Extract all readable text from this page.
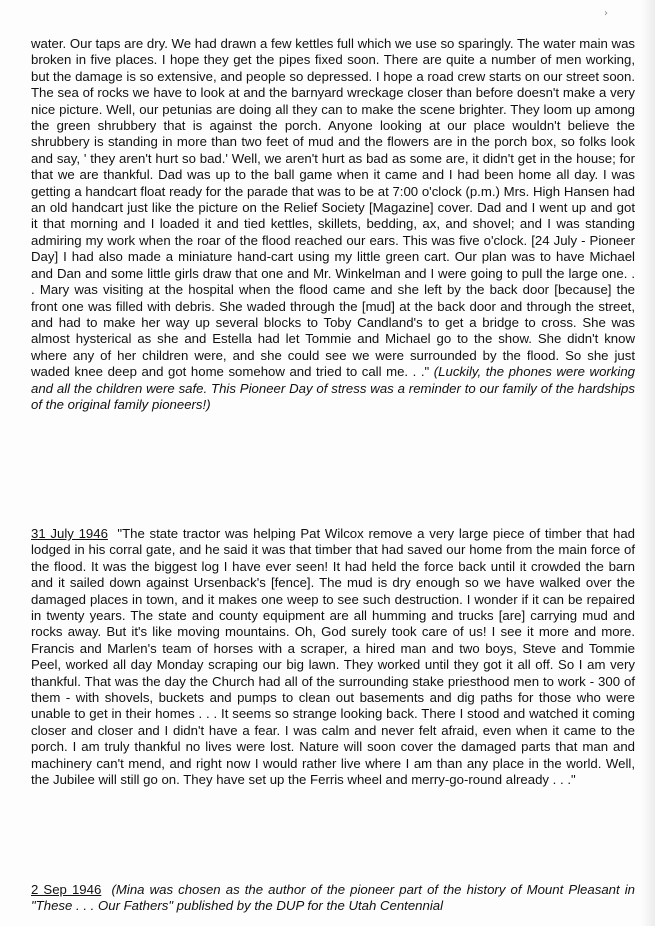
›
water. Our taps are dry. We had drawn a few kettles full which we use so sparingly. The water main was broken in five places. I hope they get the pipes fixed soon. There are quite a number of men working, but the damage is so extensive, and people so depressed. I hope a road crew starts on our street soon. The sea of rocks we have to look at and the barnyard wreckage closer than before doesn't make a very nice picture. Well, our petunias are doing all they can to make the scene brighter. They loom up among the green shrubbery that is against the porch. Anyone looking at our place wouldn't believe the shrubbery is standing in more than two feet of mud and the flowers are in the porch box, so folks look and say, ' they aren't hurt so bad.' Well, we aren't hurt as bad as some are, it didn't get in the house; for that we are thankful. Dad was up to the ball game when it came and I had been home all day. I was getting a handcart float ready for the parade that was to be at 7:00 o'clock (p.m.) Mrs. High Hansen had an old handcart just like the picture on the Relief Society [Magazine] cover. Dad and I went up and got it that morning and I loaded it and tied kettles, skillets, bedding, ax, and shovel; and I was standing admiring my work when the roar of the flood reached our ears. This was five o'clock. [24 July - Pioneer Day] I had also made a miniature hand-cart using my little green cart. Our plan was to have Michael and Dan and some little girls draw that one and Mr. Winkelman and I were going to pull the large one. . . Mary was visiting at the hospital when the flood came and she left by the back door [because] the front one was filled with debris. She waded through the [mud] at the back door and through the street, and had to make her way up several blocks to Toby Candland's to get a bridge to cross. She was almost hysterical as she and Estella had let Tommie and Michael go to the show. She didn't know where any of her children were, and she could see we were surrounded by the flood. So she just waded knee deep and got home somehow and tried to call me. . ." (Luckily, the phones were working and all the children were safe. This Pioneer Day of stress was a reminder to our family of the hardships of the original family pioneers!)
31 July 1946 "The state tractor was helping Pat Wilcox remove a very large piece of timber that had lodged in his corral gate, and he said it was that timber that had saved our home from the main force of the flood. It was the biggest log I have ever seen! It had held the force back until it crowded the barn and it sailed down against Ursenback's [fence]. The mud is dry enough so we have walked over the damaged places in town, and it makes one weep to see such destruction. I wonder if it can be repaired in twenty years. The state and county equipment are all humming and trucks [are] carrying mud and rocks away. But it's like moving mountains. Oh, God surely took care of us! I see it more and more. Francis and Marlen's team of horses with a scraper, a hired man and two boys, Steve and Tommie Peel, worked all day Monday scraping our big lawn. They worked until they got it all off. So I am very thankful. That was the day the Church had all of the surrounding stake priesthood men to work - 300 of them - with shovels, buckets and pumps to clean out basements and dig paths for those who were unable to get in their homes . . . It seems so strange looking back. There I stood and watched it coming closer and closer and I didn't have a fear. I was calm and never felt afraid, even when it came to the porch. I am truly thankful no lives were lost. Nature will soon cover the damaged parts that man and machinery can't mend, and right now I would rather live where I am than any place in the world. Well, the Jubilee will still go on. They have set up the Ferris wheel and merry-go-round already . . ."
2 Sep 1946 (Mina was chosen as the author of the pioneer part of the history of Mount Pleasant in "These . . . Our Fathers" published by the DUP for the Utah Centennial
